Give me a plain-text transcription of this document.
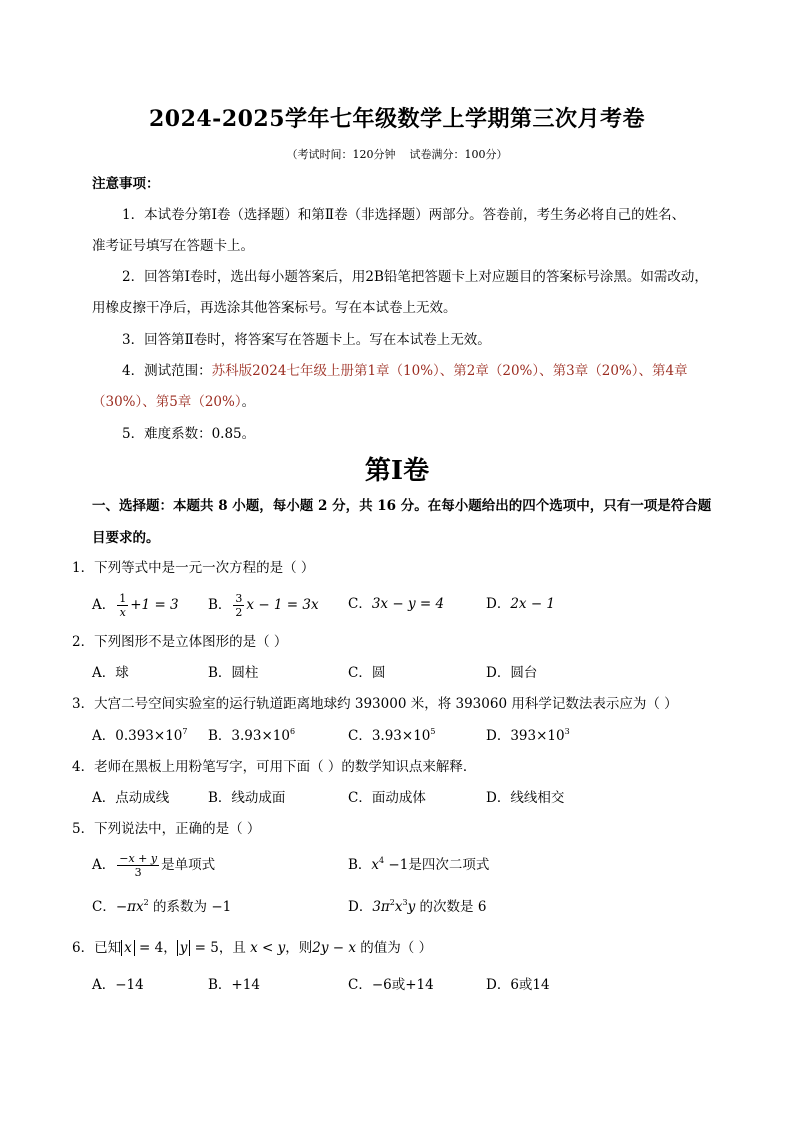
2024-2025学年七年级数学上学期第三次月考卷
（考试时间：120分钟 试卷满分：100分）
注意事项：
1．本试卷分第Ⅰ卷（选择题）和第Ⅱ卷（非选择题）两部分。答卷前，考生务必将自己的姓名、
准考证号填写在答题卡上。
2．回答第Ⅰ卷时，选出每小题答案后，用2B铅笔把答题卡上对应题目的答案标号涂黑。如需改动，
用橡皮擦干净后，再选涂其他答案标号。写在本试卷上无效。
3．回答第Ⅱ卷时，将答案写在答题卡上。写在本试卷上无效。
4．测试范围：苏科版2024七年级上册第1章（10%）、第2章（20%）、第3章（20%）、第4章
（30%）、第5章（20%）。
5．难度系数：0.85。
第Ⅰ卷
一、选择题：本题共 8 小题，每小题 2 分，共 16 分。在每小题给出的四个选项中，只有一项是符合题
目要求的。
1．下列等式中是一元一次方程的是（ ）
A． $\frac{1}{x} +1 = 3$ B． $\frac{3}{2}$ x − 1 = 3x C．3x − y = 4	D．2x − 1
2．下列图形不是立体图形的是（ ）
A．球	B．圆柱	C．圆	D．圆台
3．大宫二号空间实验室的运行轨道距离地球约 393000 米，将 393060 用科学记数法表示应为（ ）
A．$0.393\times 10^7$ B．$3.93\times 10^6$	C．$3.93\times 10^5$	D．$393\times 10^3$
4．老师在黑板上用粉笔写字，可用下面（ ）的数学知识点来解释．
A．点动成线	B．线动成面	C．面动成体	D．线线相交
5．下列说法中，正确的是（ ）
A． $\frac{-x + y}{3}$ 是单项式	B．$x^4 -1$是四次二项式
C．$-\pi x^2$ 的系数为 −1	D．$3\pi^2x^3y$ 的次数是 6
6．已知 x = 4， y = 5，且 x < y，则2y − x 的值为（ ）
A．−14	B．+14	C．−6或+14	D．6或14
